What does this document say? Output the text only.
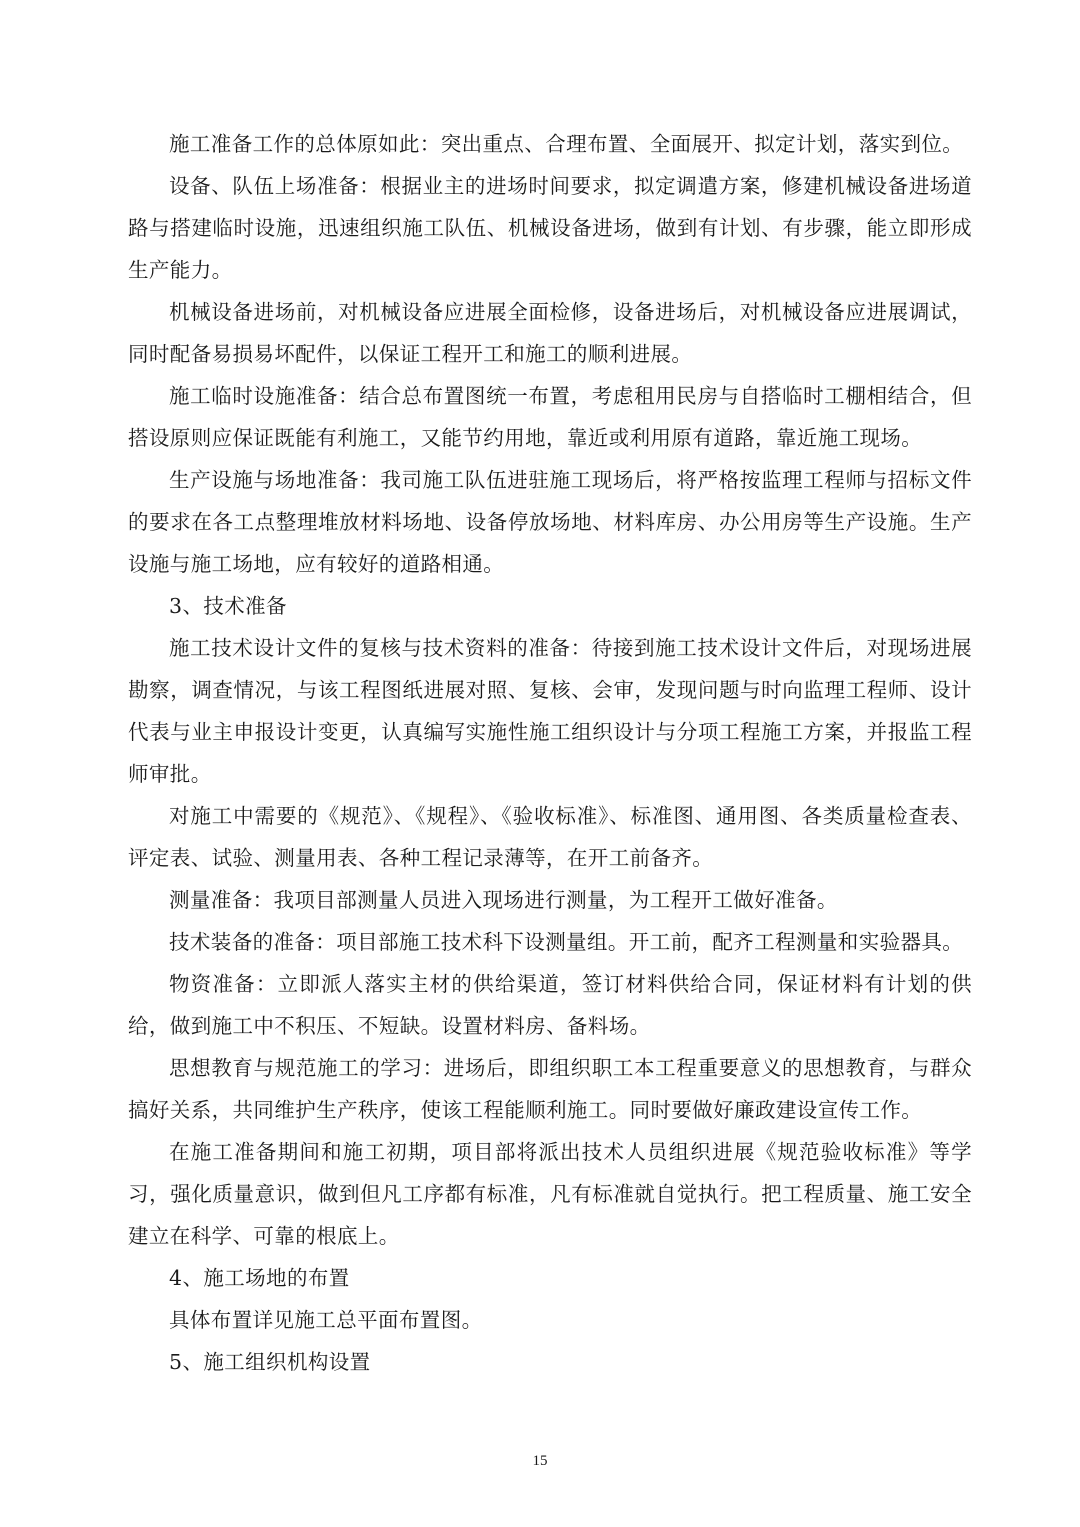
施工准备工作的总体原如此：突出重点、合理布置、全面展开、拟定计划，落实到位。

设备、队伍上场准备：根据业主的进场时间要求，拟定调遣方案，修建机械设备进场道路与搭建临时设施，迅速组织施工队伍、机械设备进场，做到有计划、有步骤，能立即形成生产能力。

机械设备进场前，对机械设备应进展全面检修，设备进场后，对机械设备应进展调试，同时配备易损易坏配件，以保证工程开工和施工的顺利进展。

施工临时设施准备：结合总布置图统一布置，考虑租用民房与自搭临时工棚相结合，但搭设原则应保证既能有利施工，又能节约用地，靠近或利用原有道路，靠近施工现场。

生产设施与场地准备：我司施工队伍进驻施工现场后，将严格按监理工程师与招标文件的要求在各工点整理堆放材料场地、设备停放场地、材料库房、办公用房等生产设施。生产设施与施工场地，应有较好的道路相通。

3、技术准备

施工技术设计文件的复核与技术资料的准备：待接到施工技术设计文件后，对现场进展勘察，调查情况，与该工程图纸进展对照、复核、会审，发现问题与时向监理工程师、设计代表与业主申报设计变更，认真编写实施性施工组织设计与分项工程施工方案，并报监工程师审批。

对施工中需要的《规范》、《规程》、《验收标准》、标准图、通用图、各类质量检查表、评定表、试验、测量用表、各种工程记录薄等，在开工前备齐。

测量准备：我项目部测量人员进入现场进行测量，为工程开工做好准备。

技术装备的准备：项目部施工技术科下设测量组。开工前，配齐工程测量和实验器具。

物资准备：立即派人落实主材的供给渠道，签订材料供给合同，保证材料有计划的供给，做到施工中不积压、不短缺。设置材料房、备料场。

思想教育与规范施工的学习：进场后，即组织职工本工程重要意义的思想教育，与群众搞好关系，共同维护生产秩序，使该工程能顺利施工。同时要做好廉政建设宣传工作。

在施工准备期间和施工初期，项目部将派出技术人员组织进展《规范验收标准》等学习，强化质量意识，做到但凡工序都有标准，凡有标准就自觉执行。把工程质量、施工安全建立在科学、可靠的根底上。

4、施工场地的布置

具体布置详见施工总平面布置图。

5、施工组织机构设置

15
